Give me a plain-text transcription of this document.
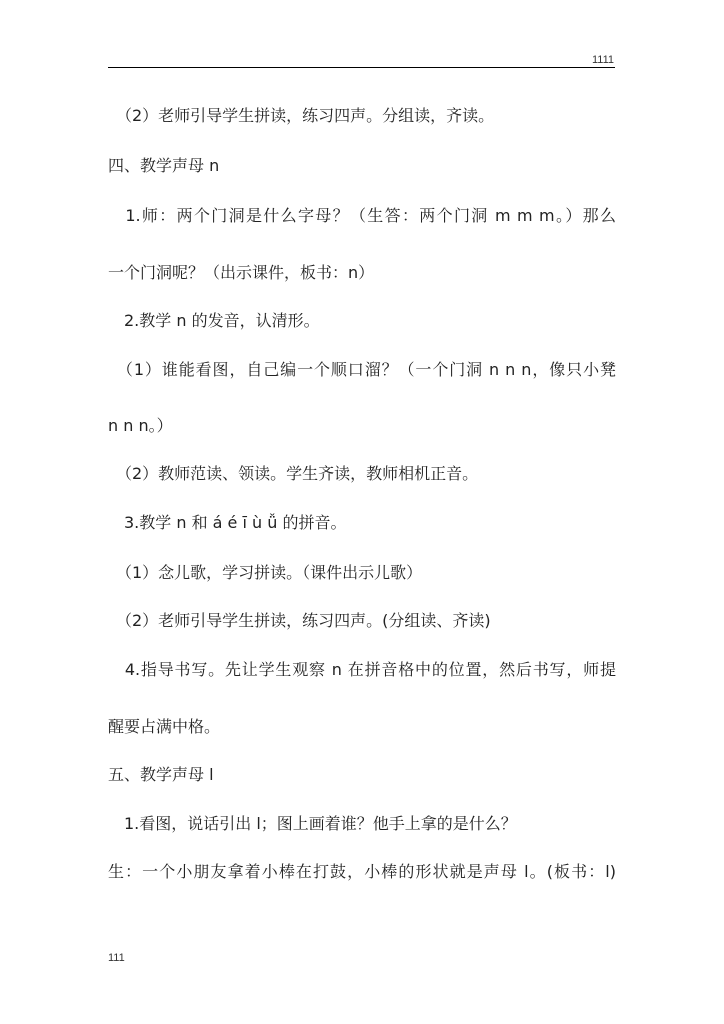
1111
　（2）老师引导学生拼读，练习四声。分组读，齐读。
四、教学声母 n
　1.师：两个门洞是什么字母？（生答：两个门洞 m m m。）那么
一个门洞呢？（出示课件，板书：n）
　2.教学 n 的发音，认清形。
　（1）谁能看图，自己编一个顺口溜？（一个门洞 n n n，像只小凳
n n n。）
　（2）教师范读、领读。学生齐读，教师相机正音。
　3.教学 n 和 á é ī ù ǚ 的拼音。
　（1）念儿歌，学习拼读。（课件出示儿歌）
　（2）老师引导学生拼读，练习四声。(分组读、齐读)
　4.指导书写。先让学生观察 n 在拼音格中的位置，然后书写，师提
醒要占满中格。
五、教学声母 l
　1.看图，说话引出 l；图上画着谁？他手上拿的是什么？
生：一个小朋友拿着小棒在打鼓，小棒的形状就是声母 l。(板书：l)
111
